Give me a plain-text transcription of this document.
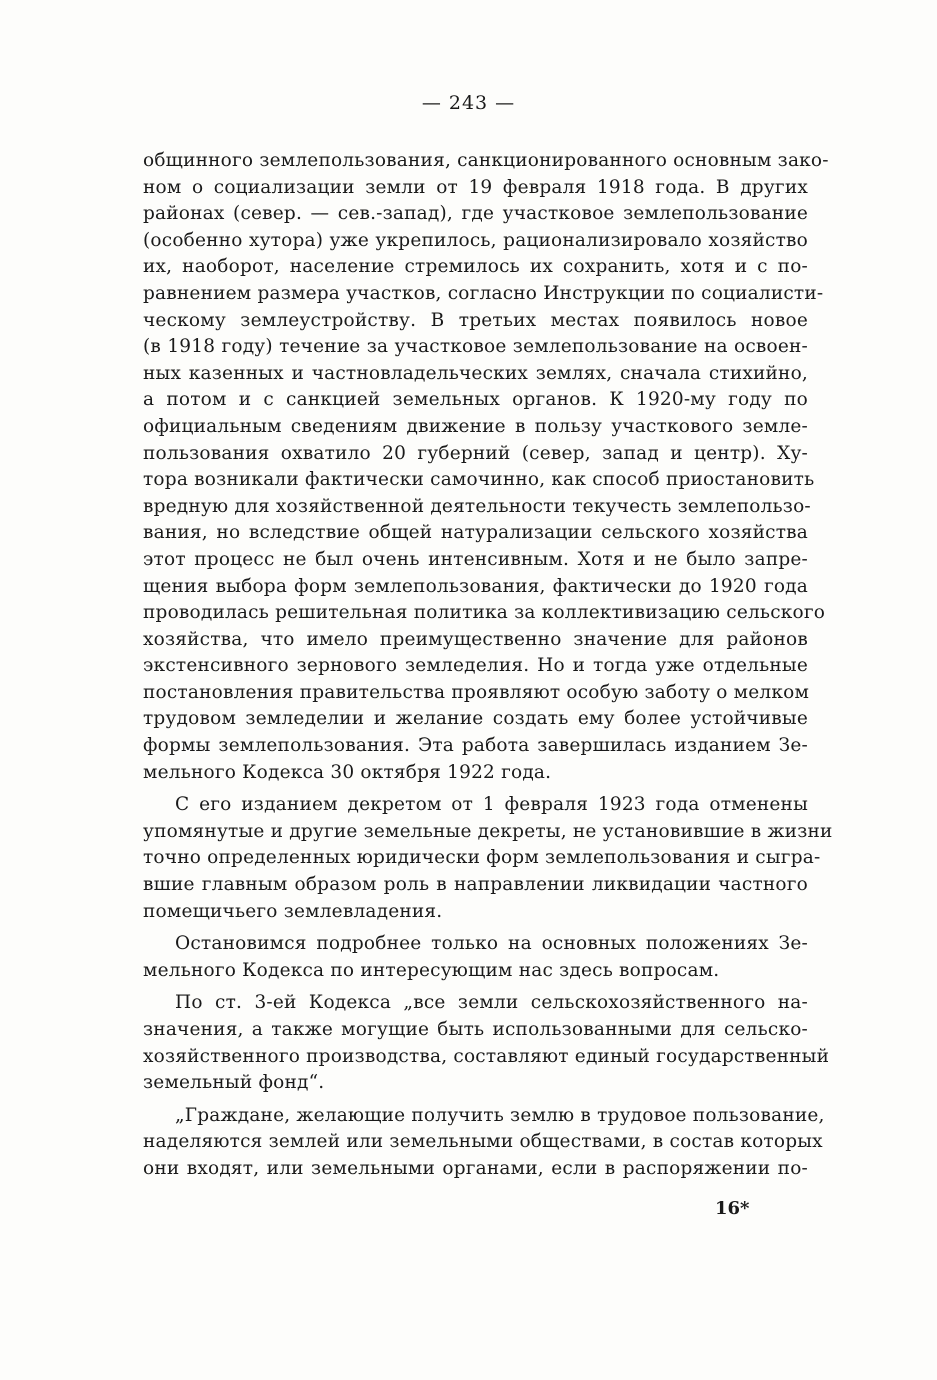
— 243 —
общинного землепользования, санкционированного основным зако-
ном о социализации земли от 19 февраля 1918 года. В других
районах (север. — сев.-запад), где участковое землепользование
(особенно хутора) уже укрепилось, рационализировало хозяйство
их, наоборот, население стремилось их сохранить, хотя и с по-
равнением размера участков, согласно Инструкции по социалисти-
ческому землеустройству. В третьих местах появилось новое
(в 1918 году) течение за участковое землепользование на освоен-
ных казенных и частновладельческих землях, сначала стихийно,
а потом и с санкцией земельных органов. К 1920-му году по
официальным сведениям движение в пользу участкового земле-
пользования охватило 20 губерний (север, запад и центр). Ху-
тора возникали фактически самочинно, как способ приостановить
вредную для хозяйственной деятельности текучесть землепользо-
вания, но вследствие общей натурализации сельского хозяйства
этот процесс не был очень интенсивным. Хотя и не было запре-
щения выбора форм землепользования, фактически до 1920 года
проводилась решительная политика за коллективизацию сельского
хозяйства, что имело преимущественно значение для районов
экстенсивного зернового земледелия. Но и тогда уже отдельные
постановления правительства проявляют особую заботу о мелком
трудовом земледелии и желание создать ему более устойчивые
формы землепользования. Эта работа завершилась изданием Зе-
мельного Кодекса 30 октября 1922 года.
С его изданием декретом от 1 февраля 1923 года отменены
упомянутые и другие земельные декреты, не установившие в жизни
точно определенных юридически форм землепользования и сыгра-
вшие главным образом роль в направлении ликвидации частного
помещичьего землевладения.
Остановимся подробнее только на основных положениях Зе-
мельного Кодекса по интересующим нас здесь вопросам.
По ст. 3-ей Кодекса „все земли сельскохозяйственного на-
значения, а также могущие быть использованными для сельско-
хозяйственного производства, составляют единый государственный
земельный фонд“.
„Граждане, желающие получить землю в трудовое пользование,
наделяются землей или земельными обществами, в состав которых
они входят, или земельными органами, если в распоряжении по-
16*
